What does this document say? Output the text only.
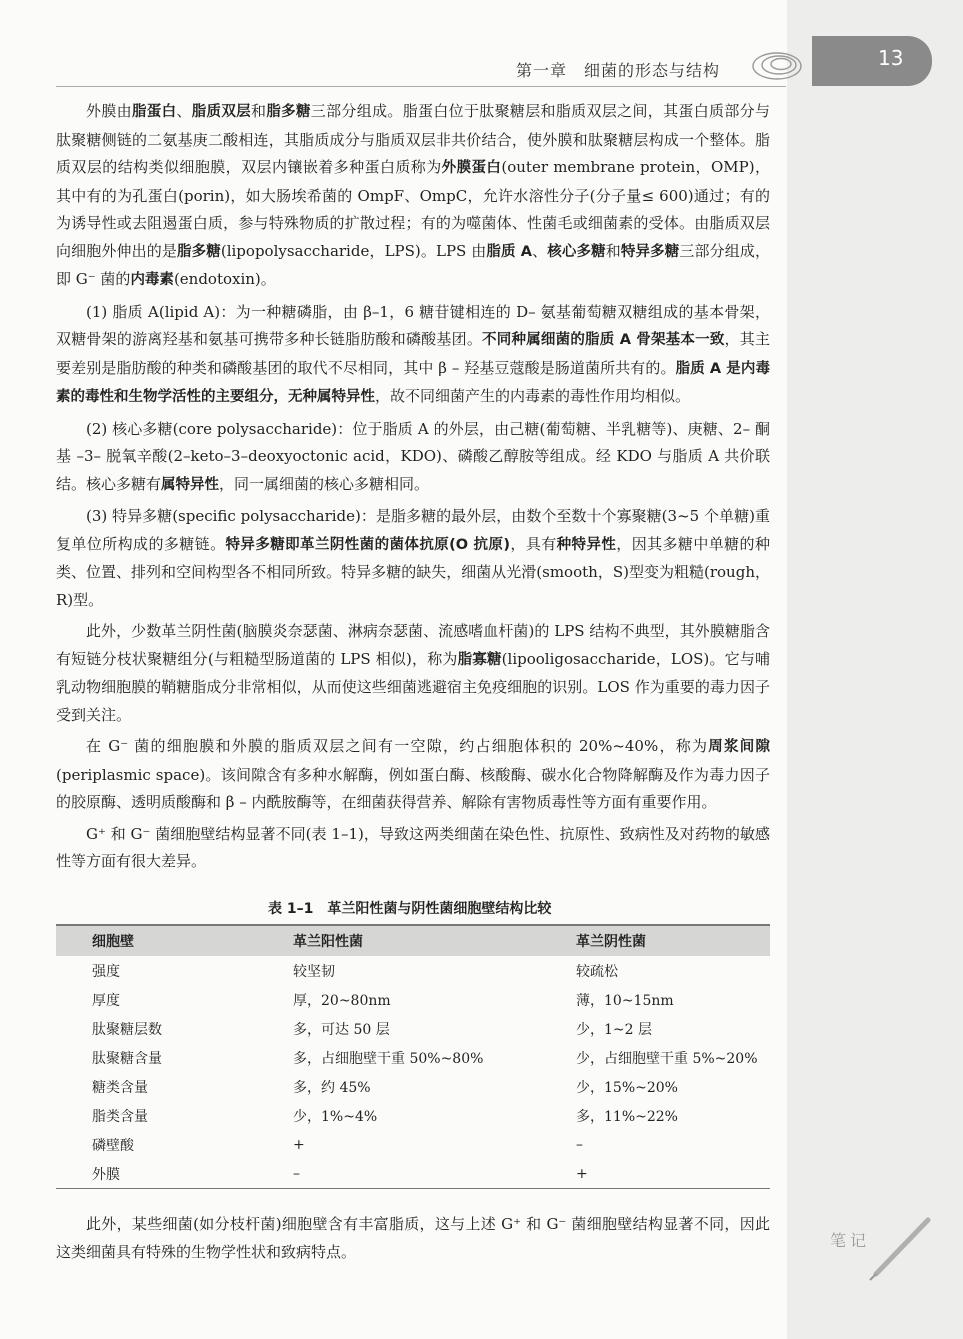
第一章　细菌的形态与结构
13

外膜由脂蛋白、脂质双层和脂多糖三部分组成。脂蛋白位于肽聚糖层和脂质双层之间，其蛋白质部分与肽聚糖侧链的二氨基庚二酸相连，其脂质成分与脂质双层非共价结合，使外膜和肽聚糖层构成一个整体。脂质双层的结构类似细胞膜，双层内镶嵌着多种蛋白质称为外膜蛋白(outer membrane protein，OMP)，其中有的为孔蛋白(porin)，如大肠埃希菌的 OmpF、OmpC，允许水溶性分子(分子量≤ 600)通过；有的为诱导性或去阻遏蛋白质，参与特殊物质的扩散过程；有的为噬菌体、性菌毛或细菌素的受体。由脂质双层向细胞外伸出的是脂多糖(lipopolysaccharide，LPS)。LPS 由脂质 A、核心多糖和特异多糖三部分组成，即 G⁻ 菌的内毒素(endotoxin)。

(1) 脂质 A(lipid A)：为一种糖磷脂，由 β–1，6 糖苷键相连的 D– 氨基葡萄糖双糖组成的基本骨架，双糖骨架的游离羟基和氨基可携带多种长链脂肪酸和磷酸基团。不同种属细菌的脂质 A 骨架基本一致，其主要差别是脂肪酸的种类和磷酸基团的取代不尽相同，其中 β – 羟基豆蔻酸是肠道菌所共有的。脂质 A 是内毒素的毒性和生物学活性的主要组分，无种属特异性，故不同细菌产生的内毒素的毒性作用均相似。

(2) 核心多糖(core polysaccharide)：位于脂质 A 的外层，由己糖(葡萄糖、半乳糖等)、庚糖、2– 酮基 –3– 脱氧辛酸(2–keto–3–deoxyoctonic acid，KDO)、磷酸乙醇胺等组成。经 KDO 与脂质 A 共价联结。核心多糖有属特异性，同一属细菌的核心多糖相同。

(3) 特异多糖(specific polysaccharide)：是脂多糖的最外层，由数个至数十个寡聚糖(3~5 个单糖)重复单位所构成的多糖链。特异多糖即革兰阴性菌的菌体抗原(O 抗原)，具有种特异性，因其多糖中单糖的种类、位置、排列和空间构型各不相同所致。特异多糖的缺失，细菌从光滑(smooth，S)型变为粗糙(rough，R)型。

此外，少数革兰阴性菌(脑膜炎奈瑟菌、淋病奈瑟菌、流感嗜血杆菌)的 LPS 结构不典型，其外膜糖脂含有短链分枝状聚糖组分(与粗糙型肠道菌的 LPS 相似)，称为脂寡糖(lipooligosaccharide，LOS)。它与哺乳动物细胞膜的鞘糖脂成分非常相似，从而使这些细菌逃避宿主免疫细胞的识别。LOS 作为重要的毒力因子受到关注。

在 G⁻ 菌的细胞膜和外膜的脂质双层之间有一空隙，约占细胞体积的 20%~40%，称为周浆间隙(periplasmic space)。该间隙含有多种水解酶，例如蛋白酶、核酸酶、碳水化合物降解酶及作为毒力因子的胶原酶、透明质酸酶和 β – 内酰胺酶等，在细菌获得营养、解除有害物质毒性等方面有重要作用。

G⁺ 和 G⁻ 菌细胞壁结构显著不同(表 1–1)，导致这两类细菌在染色性、抗原性、致病性及对药物的敏感性等方面有很大差异。

表 1–1　革兰阳性菌与阴性菌细胞壁结构比较
细胞壁	革兰阳性菌	革兰阴性菌
强度	较坚韧	较疏松
厚度	厚，20~80nm	薄，10~15nm
肽聚糖层数	多，可达 50 层	少，1~2 层
肽聚糖含量	多，占细胞壁干重 50%~80%	少，占细胞壁干重 5%~20%
糖类含量	多，约 45%	少，15%~20%
脂类含量	少，1%~4%	多，11%~22%
磷壁酸	+	–
外膜	–	+

此外，某些细菌(如分枝杆菌)细胞壁含有丰富脂质，这与上述 G⁺ 和 G⁻ 菌细胞壁结构显著不同，因此这类细菌具有特殊的生物学性状和致病特点。

笔记
